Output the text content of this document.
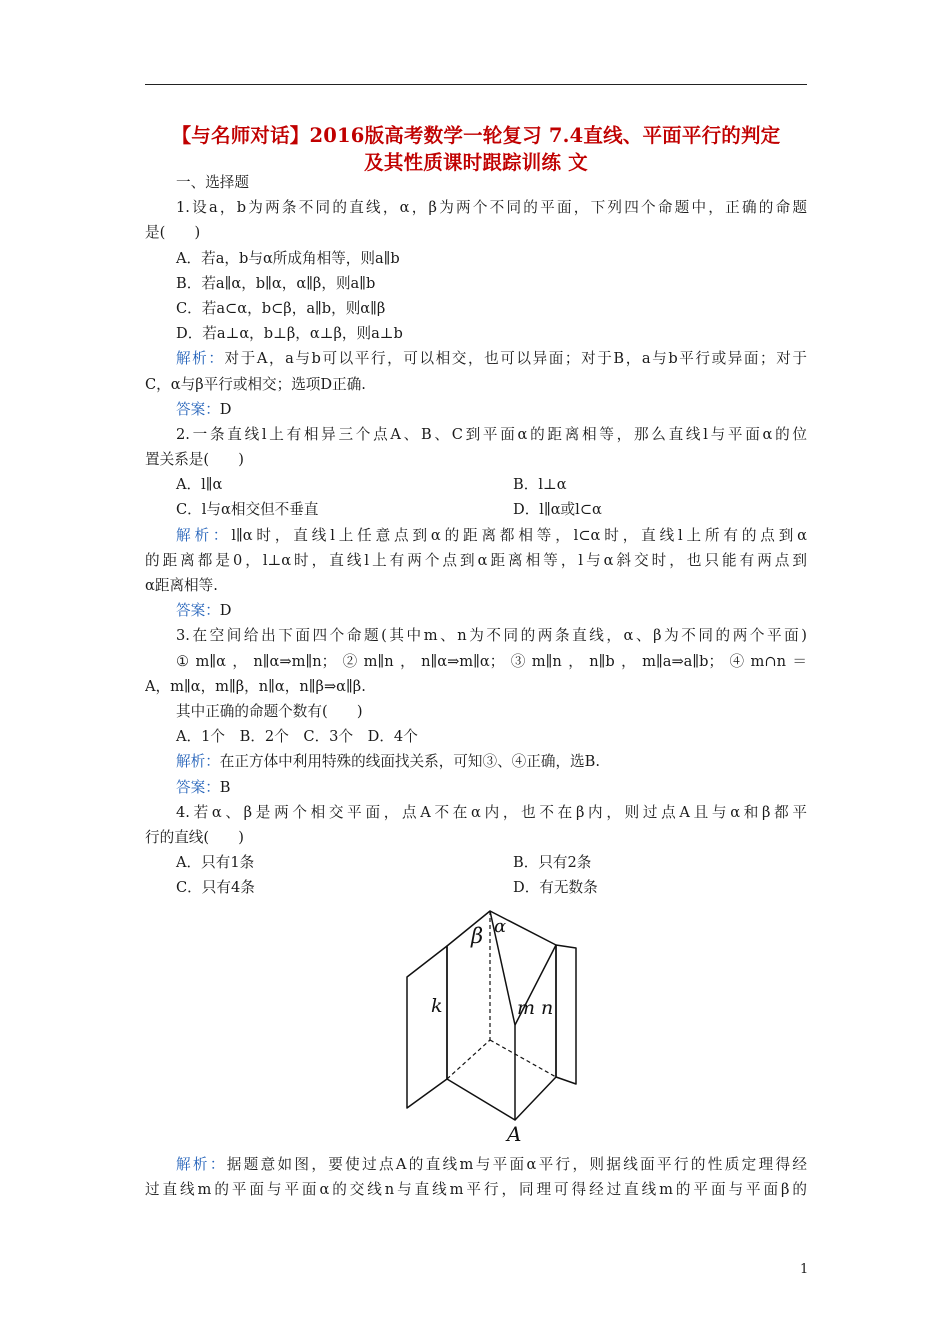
【与名师对话】2016版高考数学一轮复习 7.4直线、平面平行的判定
及其性质课时跟踪训练 文
一、选择题
1.设a，b为两条不同的直线，α，β为两个不同的平面，下列四个命题中，正确的命题
是(　　)
A．若a，b与α所成角相等，则a∥b
B．若a∥α，b∥α，α∥β，则a∥b
C．若a⊂α，b⊂β，a∥b，则α∥β
D．若a⊥α，b⊥β，α⊥β，则a⊥b
解析：对于A，a与b可以平行，可以相交，也可以异面；对于B，a与b平行或异面；对于
C，α与β平行或相交；选项D正确.
答案：D
2.一条直线l上有相异三个点A、B、C到平面α的距离相等，那么直线l与平面α的位
置关系是(　　)
A．l∥α	B．l⊥α
C．l与α相交但不垂直	D．l∥α或l⊂α
解析：l∥α时，直线l上任意点到α的距离都相等，l⊂α时，直线l上所有的点到α
的距离都是0，l⊥α时，直线l上有两个点到α距离相等，l与α斜交时，也只能有两点到
α距离相等.
答案：D
3.在空间给出下面四个命题(其中m、n为不同的两条直线，α、β为不同的两个平面)
①m∥α，n∥α⇒m∥n；②m∥n，n∥α⇒m∥α；③m∥n，n∥b，m∥a⇒a∥b；④m∩n＝
A，m∥α，m∥β，n∥α，n∥β⇒α∥β.
其中正确的命题个数有(　　)
A．1个　B．2个　C．3个　D．4个
解析：在正方体中利用特殊的线面找关系，可知③、④正确，选B.
答案：B
4.若α、β是两个相交平面，点A不在α内，也不在β内，则过点A且与α和β都平
行的直线(　　)
A．只有1条	B．只有2条
C．只有4条	D．有无数条
β α
k	m n
A
解析：据题意如图，要使过点A的直线m与平面α平行，则据线面平行的性质定理得经
过直线m的平面与平面α的交线n与直线m平行，同理可得经过直线m的平面与平面β的
1
